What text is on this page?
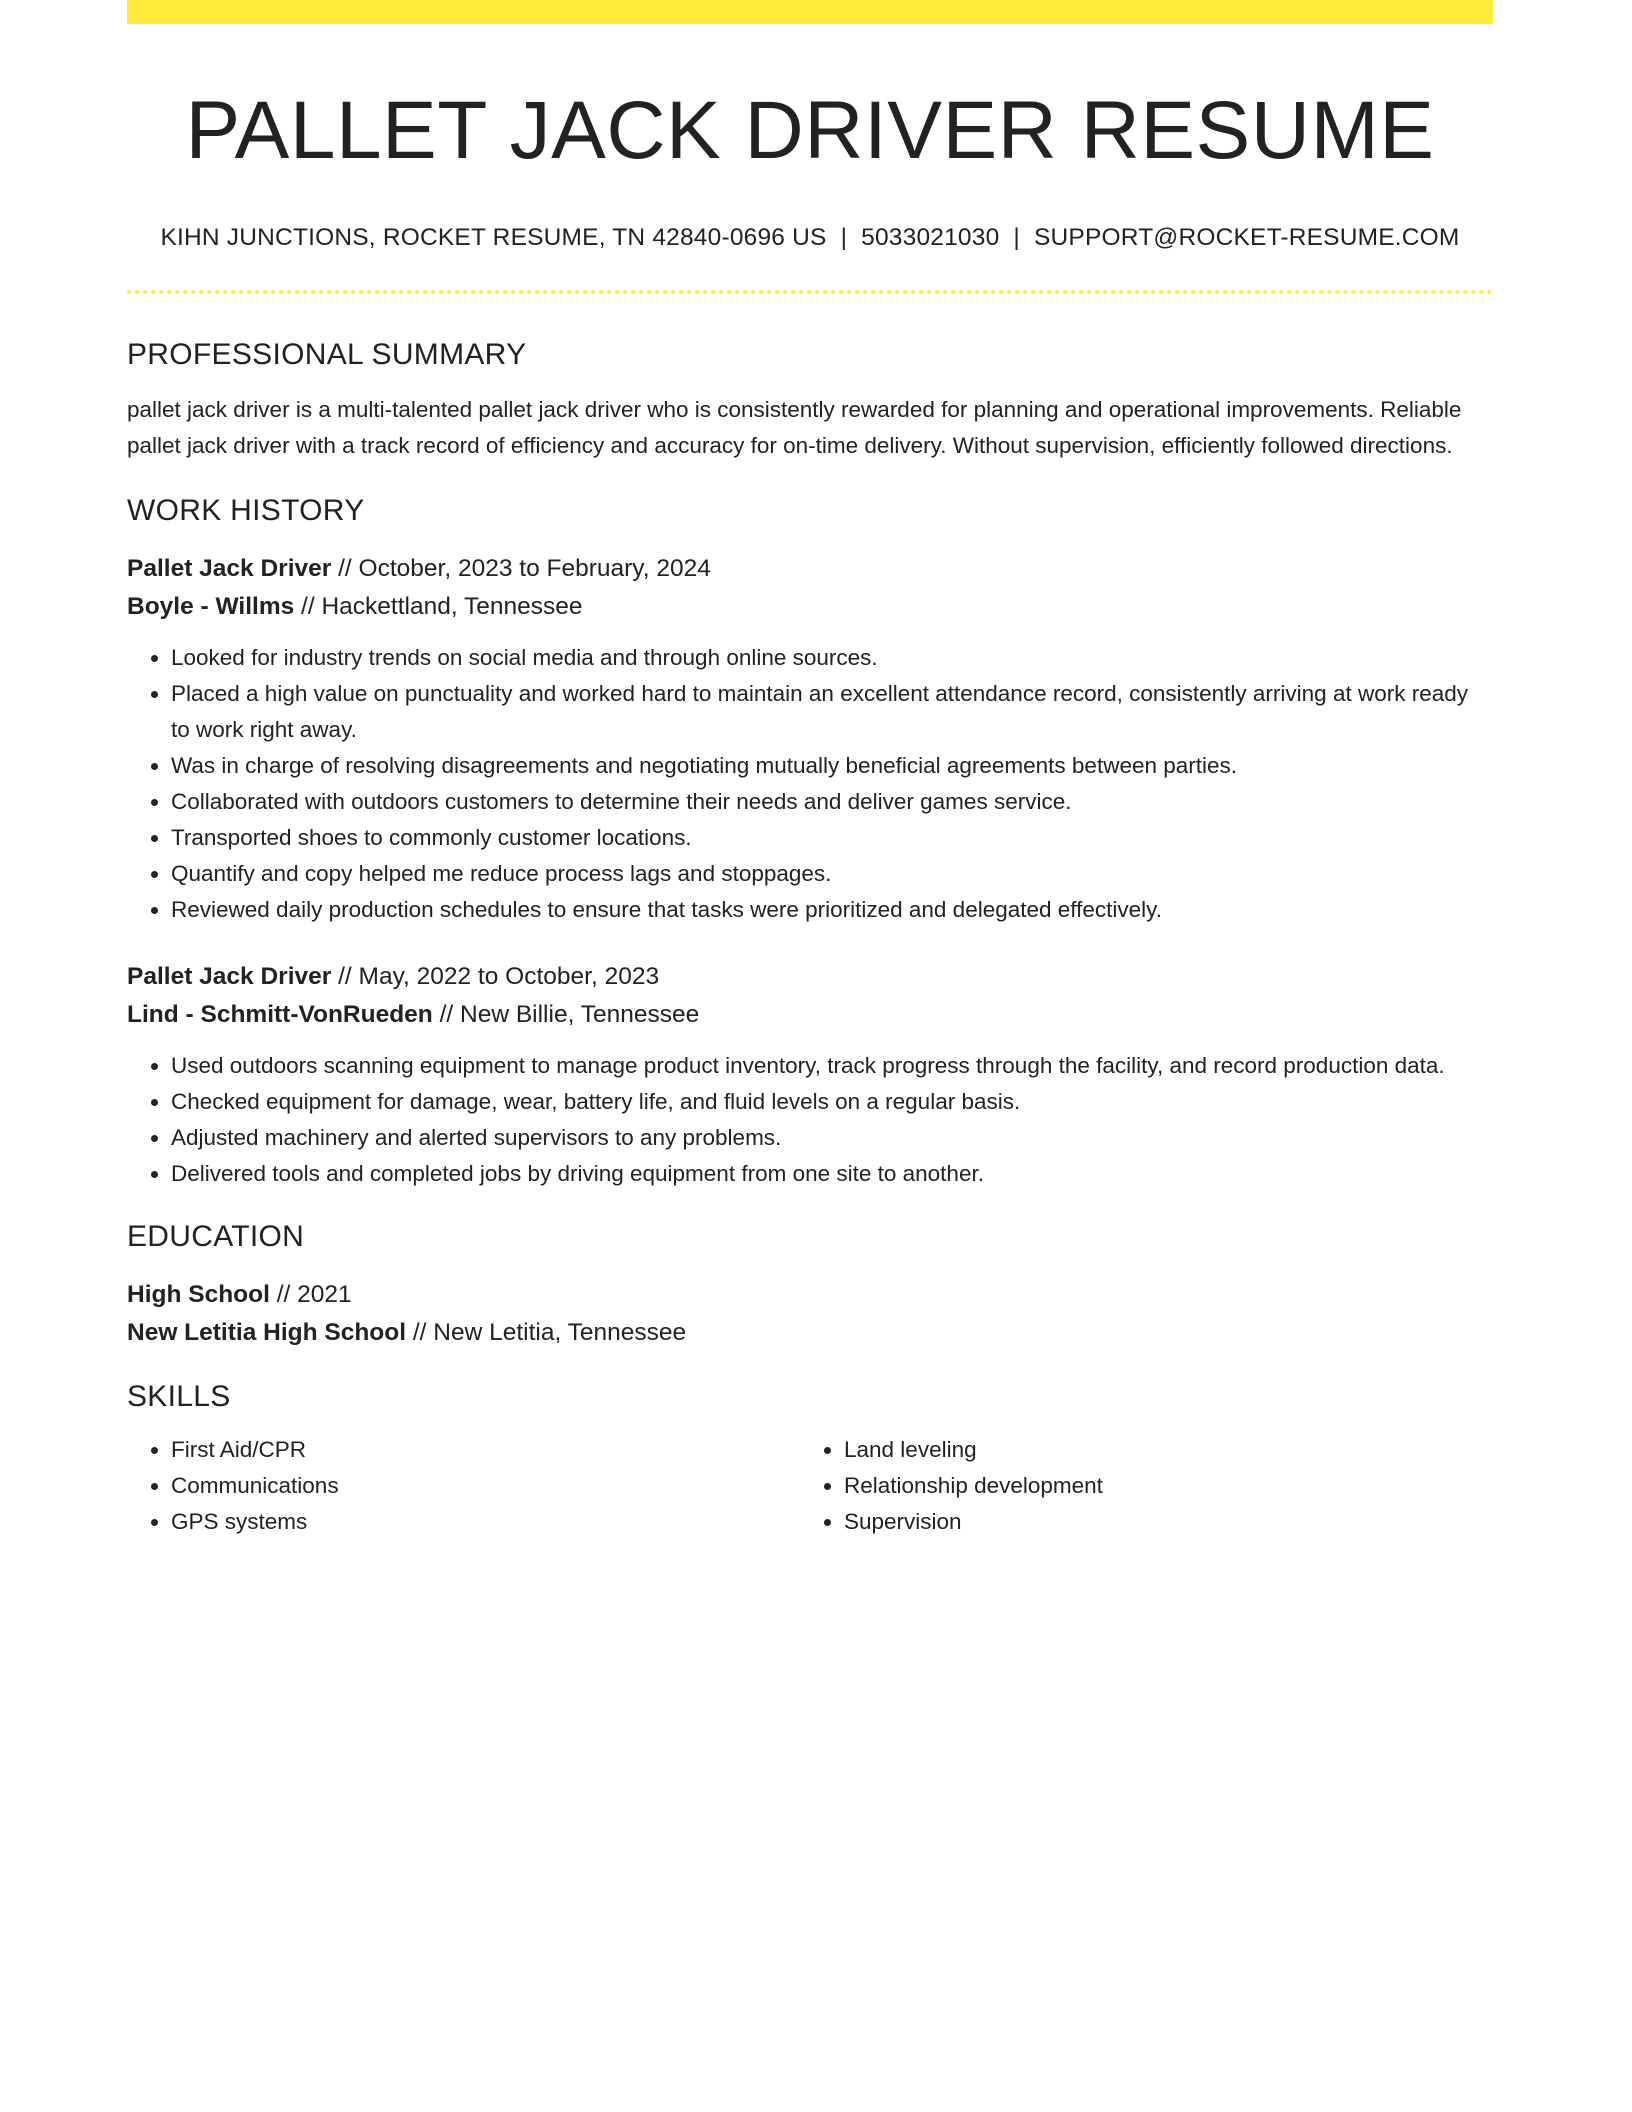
PALLET JACK DRIVER RESUME
KIHN JUNCTIONS, ROCKET RESUME, TN 42840-0696 US | 5033021030 | SUPPORT@ROCKET-RESUME.COM
PROFESSIONAL SUMMARY
pallet jack driver is a multi-talented pallet jack driver who is consistently rewarded for planning and operational improvements. Reliable pallet jack driver with a track record of efficiency and accuracy for on-time delivery. Without supervision, efficiently followed directions.
WORK HISTORY
Pallet Jack Driver // October, 2023 to February, 2024
Boyle - Willms // Hackettland, Tennessee
• Looked for industry trends on social media and through online sources.
• Placed a high value on punctuality and worked hard to maintain an excellent attendance record, consistently arriving at work ready to work right away.
• Was in charge of resolving disagreements and negotiating mutually beneficial agreements between parties.
• Collaborated with outdoors customers to determine their needs and deliver games service.
• Transported shoes to commonly customer locations.
• Quantify and copy helped me reduce process lags and stoppages.
• Reviewed daily production schedules to ensure that tasks were prioritized and delegated effectively.
Pallet Jack Driver // May, 2022 to October, 2023
Lind - Schmitt-VonRueden // New Billie, Tennessee
• Used outdoors scanning equipment to manage product inventory, track progress through the facility, and record production data.
• Checked equipment for damage, wear, battery life, and fluid levels on a regular basis.
• Adjusted machinery and alerted supervisors to any problems.
• Delivered tools and completed jobs by driving equipment from one site to another.
EDUCATION
High School // 2021
New Letitia High School // New Letitia, Tennessee
SKILLS
• First Aid/CPR
• Communications
• GPS systems
• Land leveling
• Relationship development
• Supervision
